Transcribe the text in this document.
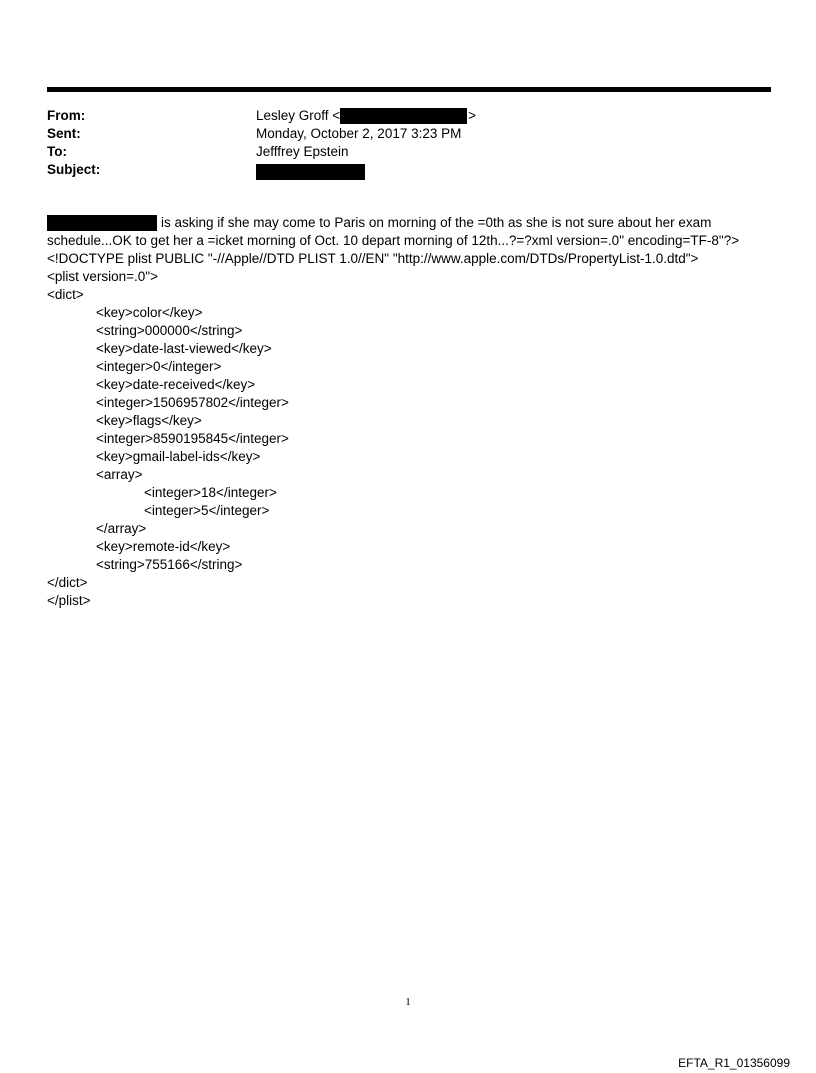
From:	Lesley Groff <	>
Sent:	Monday, October 2, 2017 3:23 PM
To:	Jefffrey Epstein
Subject:
is asking if she may come to Paris on morning of the =0th as she is not sure about her exam
schedule...OK to get her a =icket morning of Oct. 10 depart morning of 12th...?=?xml version=.0" encoding=TF-8"?>
<!DOCTYPE plist PUBLIC "-//Apple//DTD PLIST 1.0//EN" "http://www.apple.com/DTDs/PropertyList-1.0.dtd">
<plist version=.0">
<dict>
<key>color</key>
<string>000000</string>
<key>date-last-viewed</key>
<integer>0</integer>
<key>date-received</key>
<integer>1506957802</integer>
<key>flags</key>
<integer>8590195845</integer>
<key>gmail-label-ids</key>
<array>
<integer>18</integer>
<integer>5</integer>
</array>
<key>remote-id</key>
<string>755166</string>
</dict>
</plist>
1
EFTA_R1_01356099
